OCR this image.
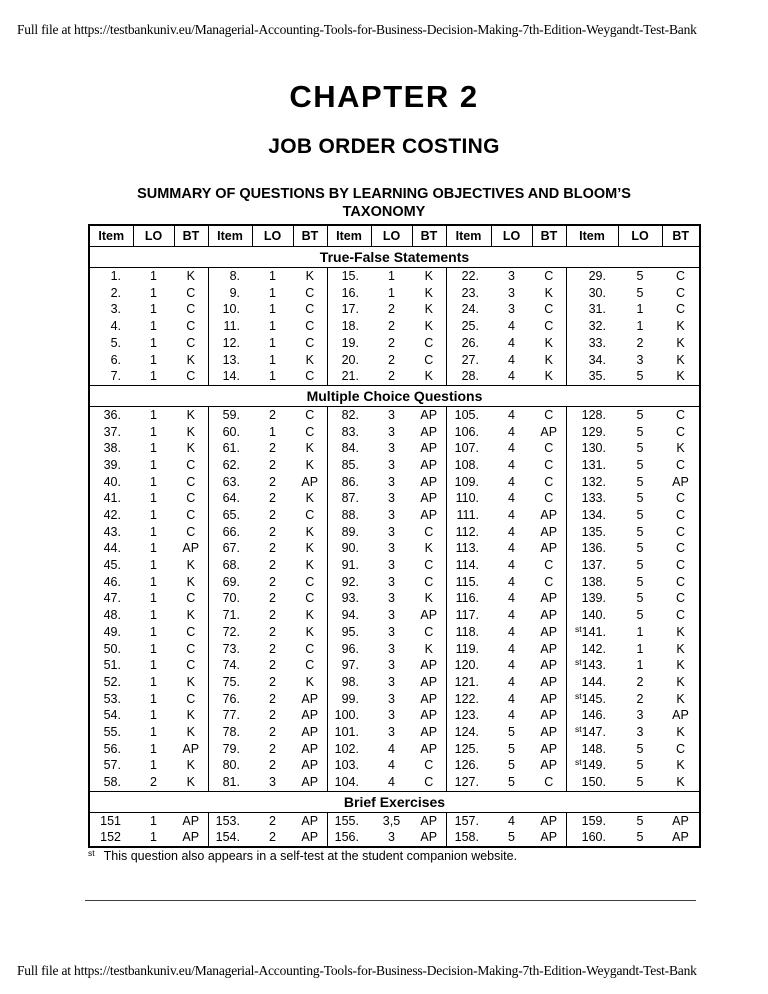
Full file at https://testbankuniv.eu/Managerial-Accounting-Tools-for-Business-Decision-Making-7th-Edition-Weygandt-Test-Bank
CHAPTER 2
JOB ORDER COSTING
SUMMARY OF QUESTIONS BY LEARNING OBJECTIVES AND BLOOM’S
TAXONOMY
Item	LO	BT	Item	LO	BT	Item	LO	BT	Item	LO	BT	Item	LO	BT
True-False Statements														
1.	1	K	8.	1	K	15.	1	K	22.	3	C	29.	5	C
2.	1	C	9.	1	C	16.	1	K	23.	3	K	30.	5	C
3.	1	C	10.	1	C	17.	2	K	24.	3	C	31.	1	C
4.	1	C	11.	1	C	18.	2	K	25.	4	C	32.	1	K
5.	1	C	12.	1	C	19.	2	C	26.	4	K	33.	2	K
6.	1	K	13.	1	K	20.	2	C	27.	4	K	34.	3	K
7.	1	C	14.	1	C	21.	2	K	28.	4	K	35.	5	K
Multiple Choice Questions														
36.	1	K	59.	2	C	82.	3	AP	105.	4	C	128.	5	C
37.	1	K	60.	1	C	83.	3	AP	106.	4	AP	129.	5	C
38.	1	K	61.	2	K	84.	3	AP	107.	4	C	130.	5	K
39.	1	C	62.	2	K	85.	3	AP	108.	4	C	131.	5	C
40.	1	C	63.	2	AP	86.	3	AP	109.	4	C	132.	5	AP
41.	1	C	64.	2	K	87.	3	AP	110.	4	C	133.	5	C
42.	1	C	65.	2	C	88.	3	AP	111.	4	AP	134.	5	C
43.	1	C	66.	2	K	89.	3	C	112.	4	AP	135.	5	C
44.	1	AP	67.	2	K	90.	3	K	113.	4	AP	136.	5	C
45.	1	K	68.	2	K	91.	3	C	114.	4	C	137.	5	C
46.	1	K	69.	2	C	92.	3	C	115.	4	C	138.	5	C
47.	1	C	70.	2	C	93.	3	K	116.	4	AP	139.	5	C
48.	1	K	71.	2	K	94.	3	AP	117.	4	AP	140.	5	C
49.	1	C	72.	2	K	95.	3	C	118.	4	AP	$^{st}$141.	1	K
50.	1	C	73.	2	C	96.	3	K	119.	4	AP	142.	1	K
51.	1	C	74.	2	C	97.	3	AP	120.	4	AP	$^{st}$143.	1	K
52.	1	K	75.	2	K	98.	3	AP	121.	4	AP	144.	2	K
53.	1	C	76.	2	AP	99.	3	AP	122.	4	AP	$^{st}$145.	2	K
54.	1	K	77.	2	AP	100.	3	AP	123.	4	AP	146.	3	AP
55.	1	K	78.	2	AP	101.	3	AP	124.	5	AP	$^{st}$147.	3	K
56.	1	AP	79.	2	AP	102.	4	AP	125.	5	AP	148.	5	C
57.	1	K	80.	2	AP	103.	4	C	126.	5	AP	$^{st}$149.	5	K
58.	2	K	81.	3	AP	104.	4	C	127.	5	C	150.	5	K
Brief Exercises														
151	1	AP	153.	2	AP	155.	3,5	AP	157.	4	AP	159.	5	AP
152	1	AP	154.	2	AP	156.	3	AP	158.	5	AP	160.	5	AP
$^{st}$ This question also appears in a self-test at the student companion website.
Full file at https://testbankuniv.eu/Managerial-Accounting-Tools-for-Business-Decision-Making-7th-Edition-Weygandt-Test-Bank
